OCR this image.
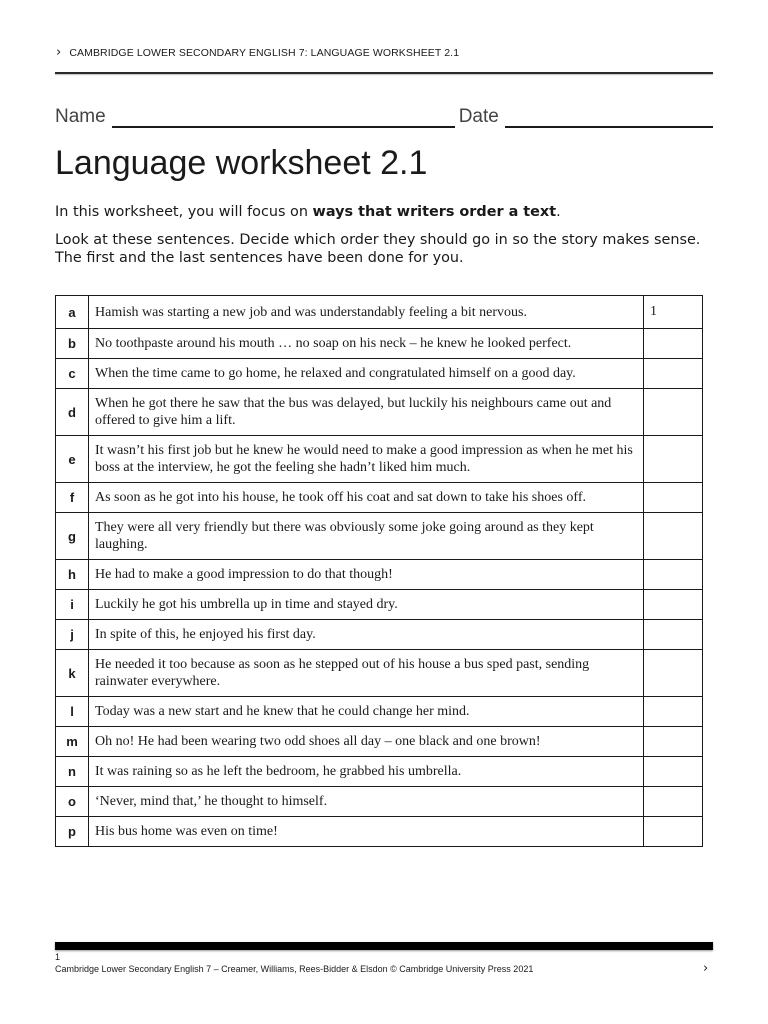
› CAMBRIDGE LOWER SECONDARY ENGLISH 7: LANGUAGE WORKSHEET 2.1
Name	Date
Language worksheet 2.1

In this worksheet, you will focus on ways that writers order a text.

Look at these sentences. Decide which order they should go in so the story makes sense.

The first and the last sentences have been done for you.

a	Hamish was starting a new job and was understandably feeling a bit nervous.	1
b	No toothpaste around his mouth … no soap on his neck – he knew he looked perfect.	
c	When the time came to go home, he relaxed and congratulated himself on a good day.	
d	When he got there he saw that the bus was delayed, but luckily his neighbours came out and offered to give him a lift.	
e	It wasn’t his first job but he knew he would need to make a good impression as when he met his boss at the interview, he got the feeling she hadn’t liked him much.	
f	As soon as he got into his house, he took off his coat and sat down to take his shoes off.	
g	They were all very friendly but there was obviously some joke going around as they kept laughing.	
h	He had to make a good impression to do that though!	
i	Luckily he got his umbrella up in time and stayed dry.	
j	In spite of this, he enjoyed his first day.	
k	He needed it too because as soon as he stepped out of his house a bus sped past, sending rainwater everywhere.	
l	Today was a new start and he knew that he could change her mind.	
m	Oh no! He had been wearing two odd shoes all day – one black and one brown!	
n	It was raining so as he left the bedroom, he grabbed his umbrella.	
o	‘Never, mind that,’ he thought to himself.	
p	His bus home was even on time!	
1
Cambridge Lower Secondary English 7 – Creamer, Williams, Rees-Bidder & Elsdon © Cambridge University Press 2021	›
